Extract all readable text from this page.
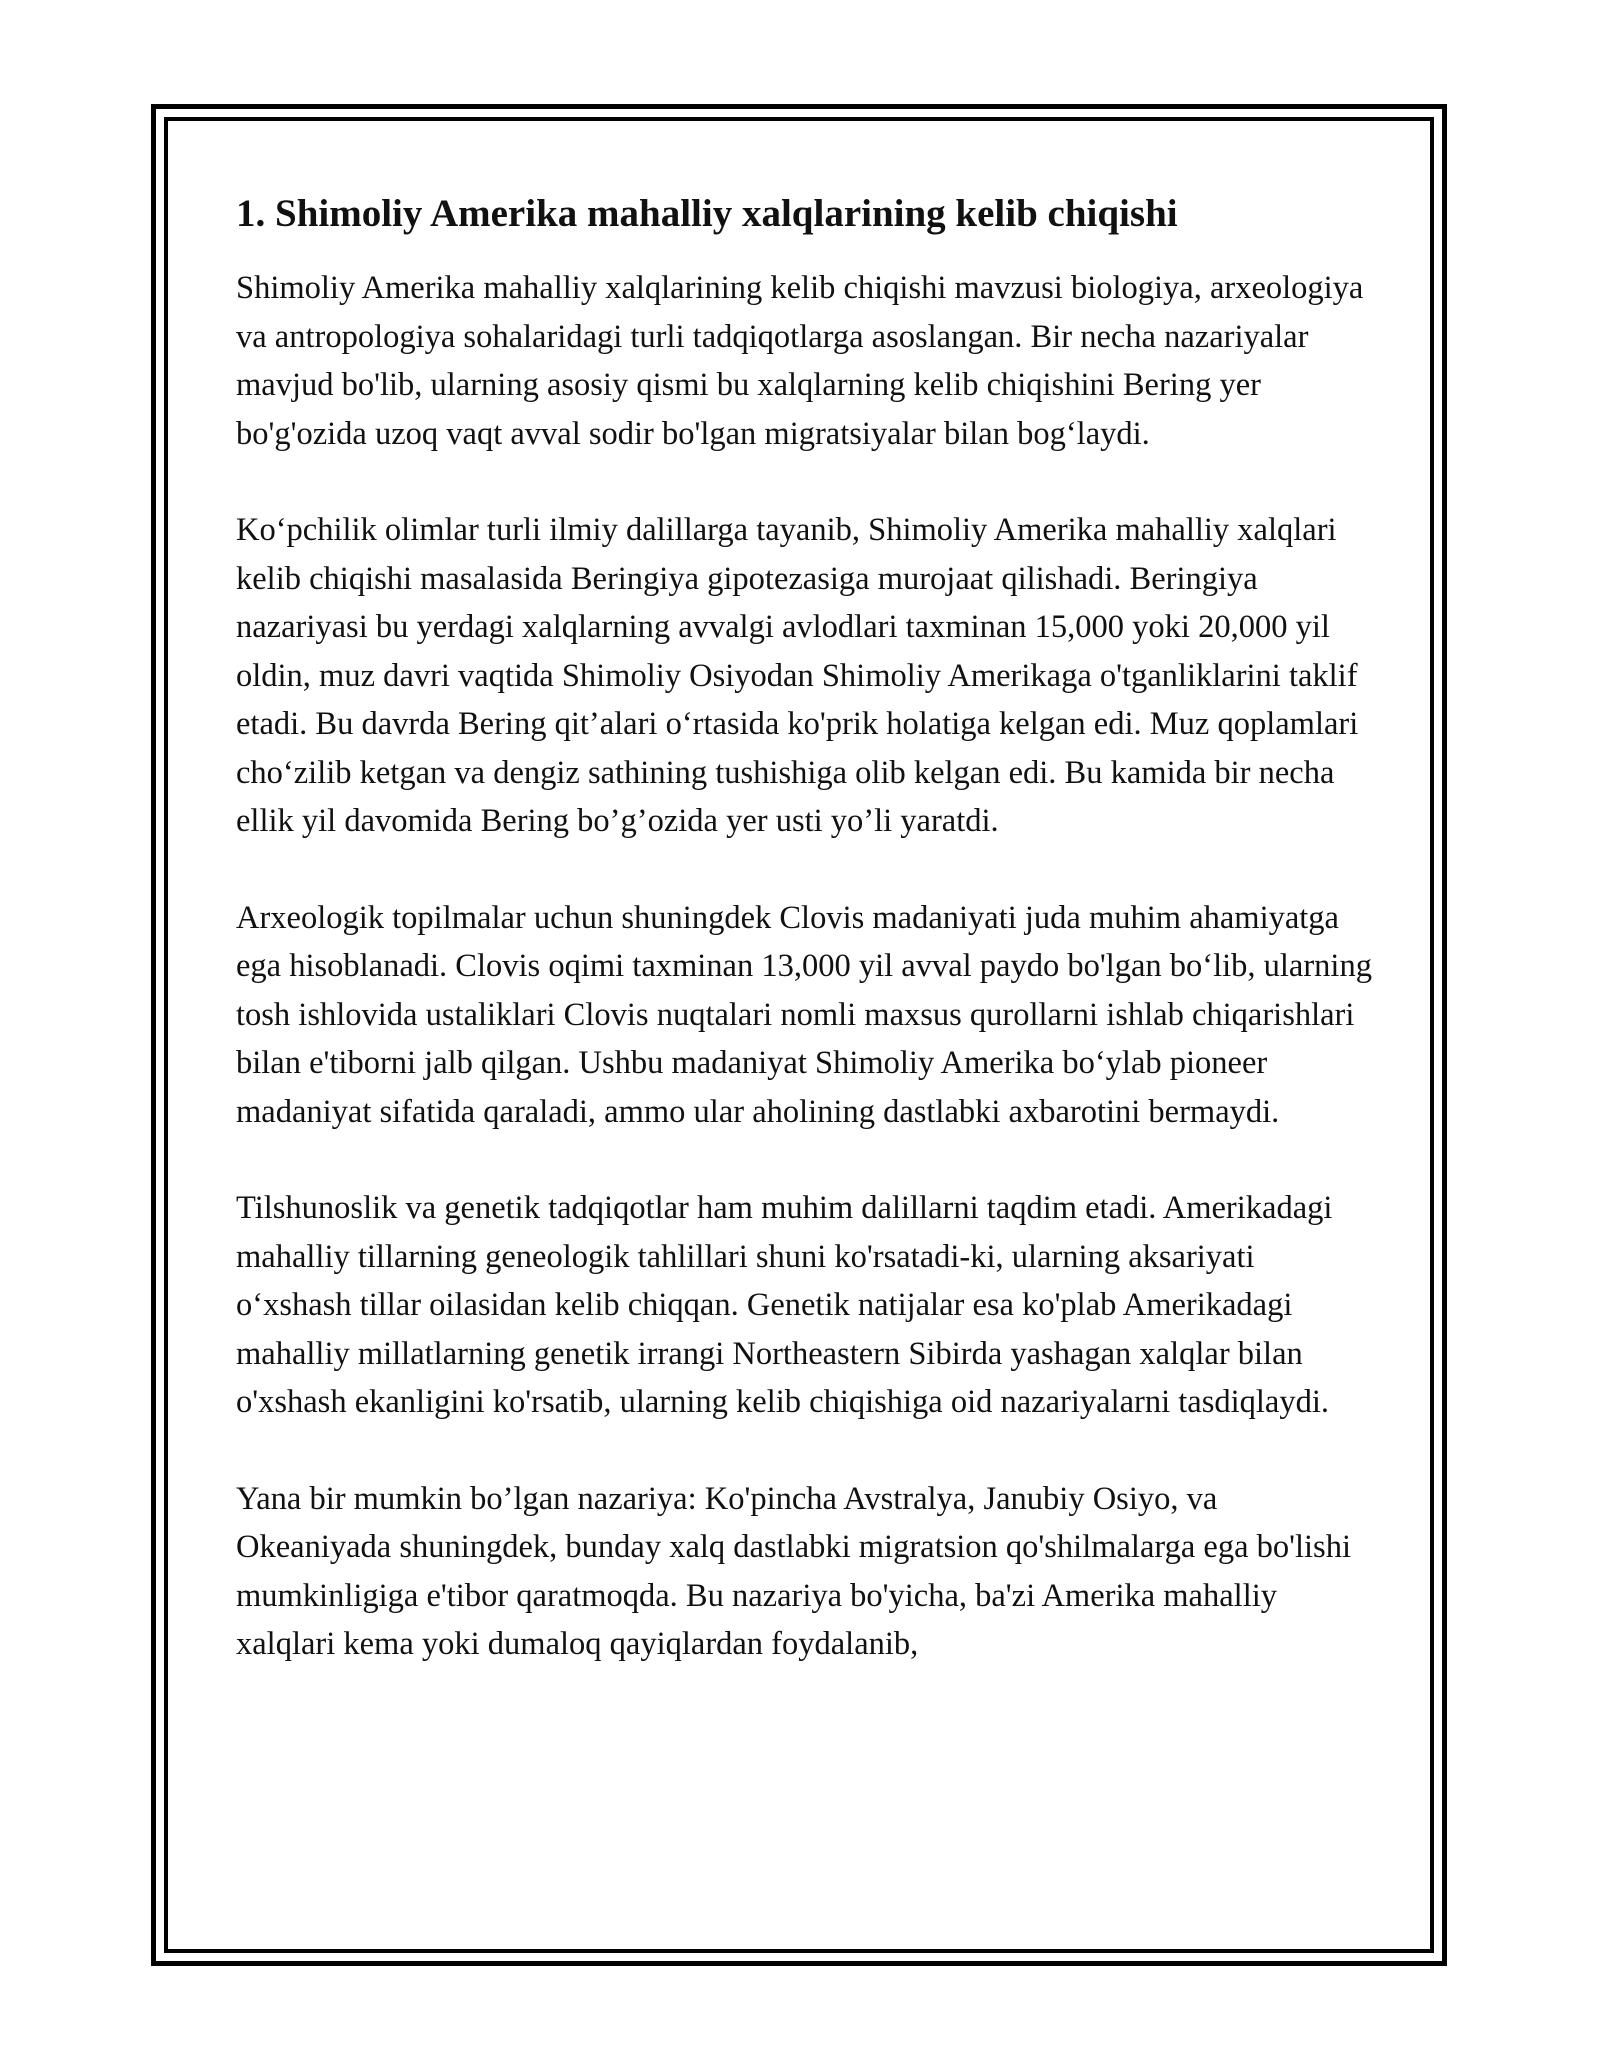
1. Shimoliy Amerika mahalliy xalqlarining kelib chiqishi

Shimoliy Amerika mahalliy xalqlarining kelib chiqishi mavzusi biologiya, arxeologiya va antropologiya sohalaridagi turli tadqiqotlarga asoslangan. Bir necha nazariyalar mavjud bo'lib, ularning asosiy qismi bu xalqlarning kelib chiqishini Bering yer bo'g'ozida uzoq vaqt avval sodir bo'lgan migratsiyalar bilan bog‘laydi.

Ko‘pchilik olimlar turli ilmiy dalillarga tayanib, Shimoliy Amerika mahalliy xalqlari kelib chiqishi masalasida Beringiya gipotezasiga murojaat qilishadi. Beringiya nazariyasi bu yerdagi xalqlarning avvalgi avlodlari taxminan 15,000 yoki 20,000 yil oldin, muz davri vaqtida Shimoliy Osiyodan Shimoliy Amerikaga o'tganliklarini taklif etadi. Bu davrda Bering qit’alari o‘rtasida ko'prik holatiga kelgan edi. Muz qoplamlari cho‘zilib ketgan va dengiz sathining tushishiga olib kelgan edi. Bu kamida bir necha ellik yil davomida Bering bo’g’ozida yer usti yo’li yaratdi.

Arxeologik topilmalar uchun shuningdek Clovis madaniyati juda muhim ahamiyatga ega hisoblanadi. Clovis oqimi taxminan 13,000 yil avval paydo bo'lgan bo‘lib, ularning tosh ishlovida ustaliklari Clovis nuqtalari nomli maxsus qurollarni ishlab chiqarishlari bilan e'tiborni jalb qilgan. Ushbu madaniyat Shimoliy Amerika bo‘ylab pioneer madaniyat sifatida qaraladi, ammo ular aholining dastlabki axbarotini bermaydi.

Tilshunoslik va genetik tadqiqotlar ham muhim dalillarni taqdim etadi. Amerikadagi mahalliy tillarning geneologik tahlillari shuni ko'rsatadi-ki, ularning aksariyati o‘xshash tillar oilasidan kelib chiqqan. Genetik natijalar esa ko'plab Amerikadagi mahalliy millatlarning genetik irrangi Northeastern Sibirda yashagan xalqlar bilan o'xshash ekanligini ko'rsatib, ularning kelib chiqishiga oid nazariyalarni tasdiqlaydi.

Yana bir mumkin bo’lgan nazariya: Ko'pincha Avstralya, Janubiy Osiyo, va Okeaniyada shuningdek, bunday xalq dastlabki migratsion qo'shilmalarga ega bo'lishi mumkinligiga e'tibor qaratmoqda. Bu nazariya bo'yicha, ba'zi Amerika mahalliy xalqlari kema yoki dumaloq qayiqlardan foydalanib,
